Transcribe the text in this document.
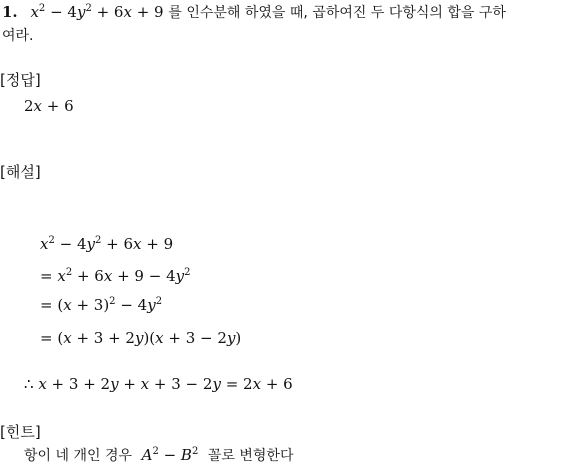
1. $x^2 - 4y^2 + 6x + 9$ 를 인수분해 하였을 때, 곱하여진 두 다항식의 합을 구하
여라.
[정답]
2x + 6
[해설]
$x^2 - 4y^2 + 6x + 9$
= $x^2 + 6x + 9 - 4y^2$
= $(x + 3)^2 - 4y^2$
= (x + 3 + 2y)(x + 3 − 2y)
∴ x + 3 + 2y + x + 3 − 2y = 2x + 6
[힌트]
항이 네 개인 경우 $A^2 - B^2$ 꼴로 변형한다
